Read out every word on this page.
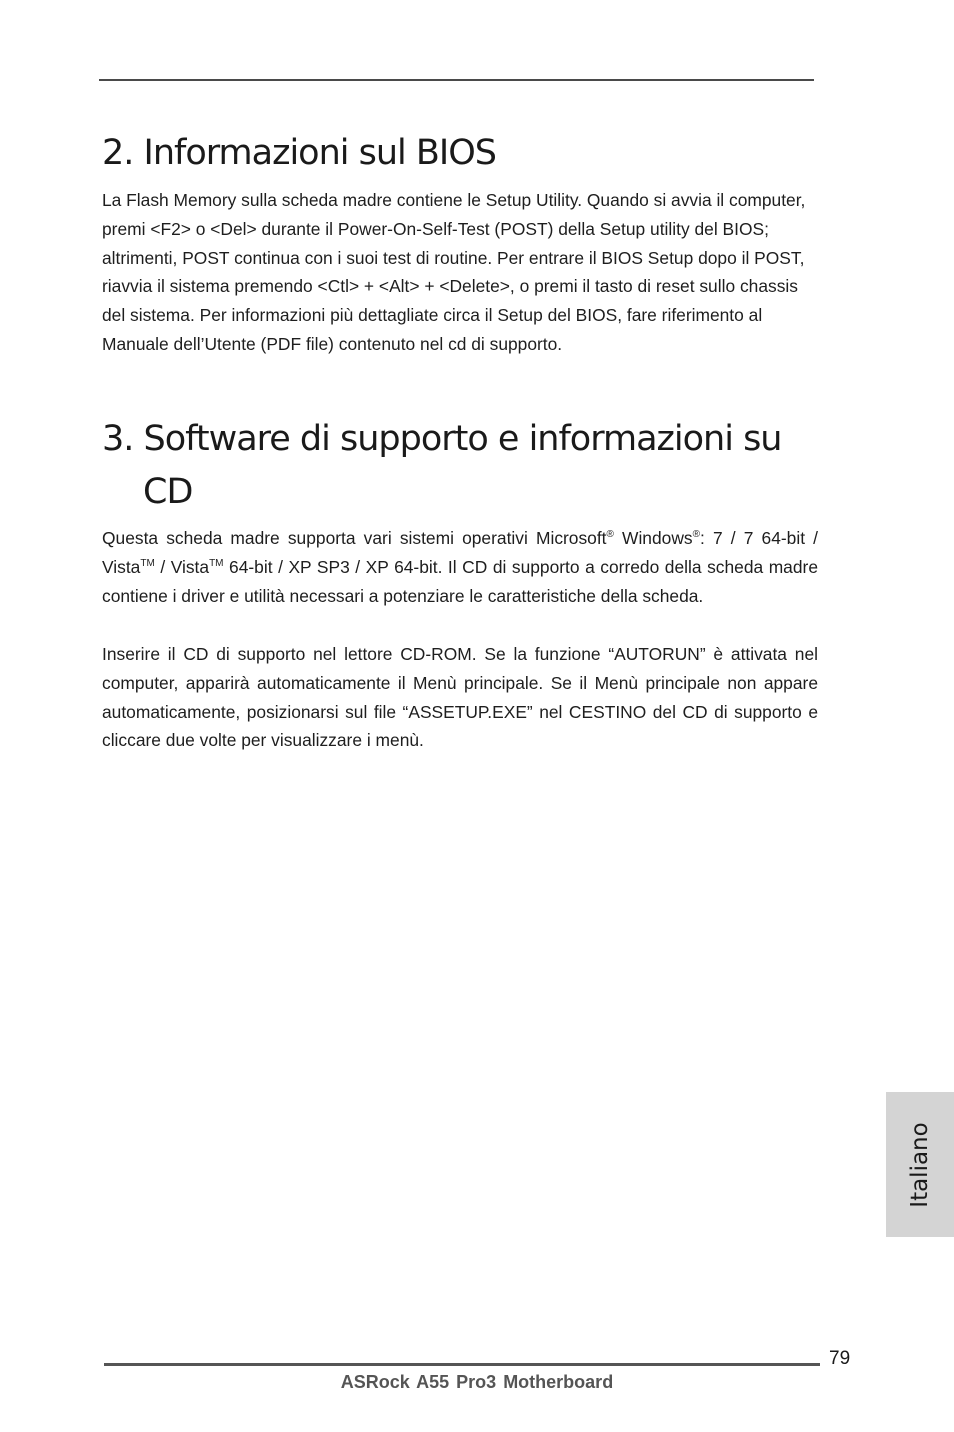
2. Informazioni sul BIOS

La Flash Memory sulla scheda madre contiene le Setup Utility. Quando si avvia il computer, premi <F2> o <Del> durante il Power-On-Self-Test (POST) della Setup utility del BIOS; altrimenti, POST continua con i suoi test di routine. Per entrare il BIOS Setup dopo il POST, riavvia il sistema premendo <Ctl> + <Alt> + <Delete>, o premi il tasto di reset sullo chassis del sistema. Per informazioni più dettagliate circa il Setup del BIOS, fare riferimento al Manuale dell’Utente (PDF file) contenuto nel cd di supporto.

3. Software di supporto e informazioni su
CD

Questa scheda madre supporta vari sistemi operativi Microsoft® Windows®: 7 / 7 64-bit / Vista™ / Vista™ 64-bit / XP SP3 / XP 64-bit. Il CD di supporto a corredo della scheda madre contiene i driver e utilità necessari a potenziare le caratteristiche della scheda.

Inserire il CD di supporto nel lettore CD-ROM. Se la funzione “AUTORUN” è attivata nel computer, apparirà automaticamente il Menù principale. Se il Menù principale non appare automaticamente, posizionarsi sul file “ASSETUP.EXE” nel CESTINO del CD di supporto e cliccare due volte per visualizzare i menù.

Italiano
79
ASRock A55 Pro3 Motherboard
